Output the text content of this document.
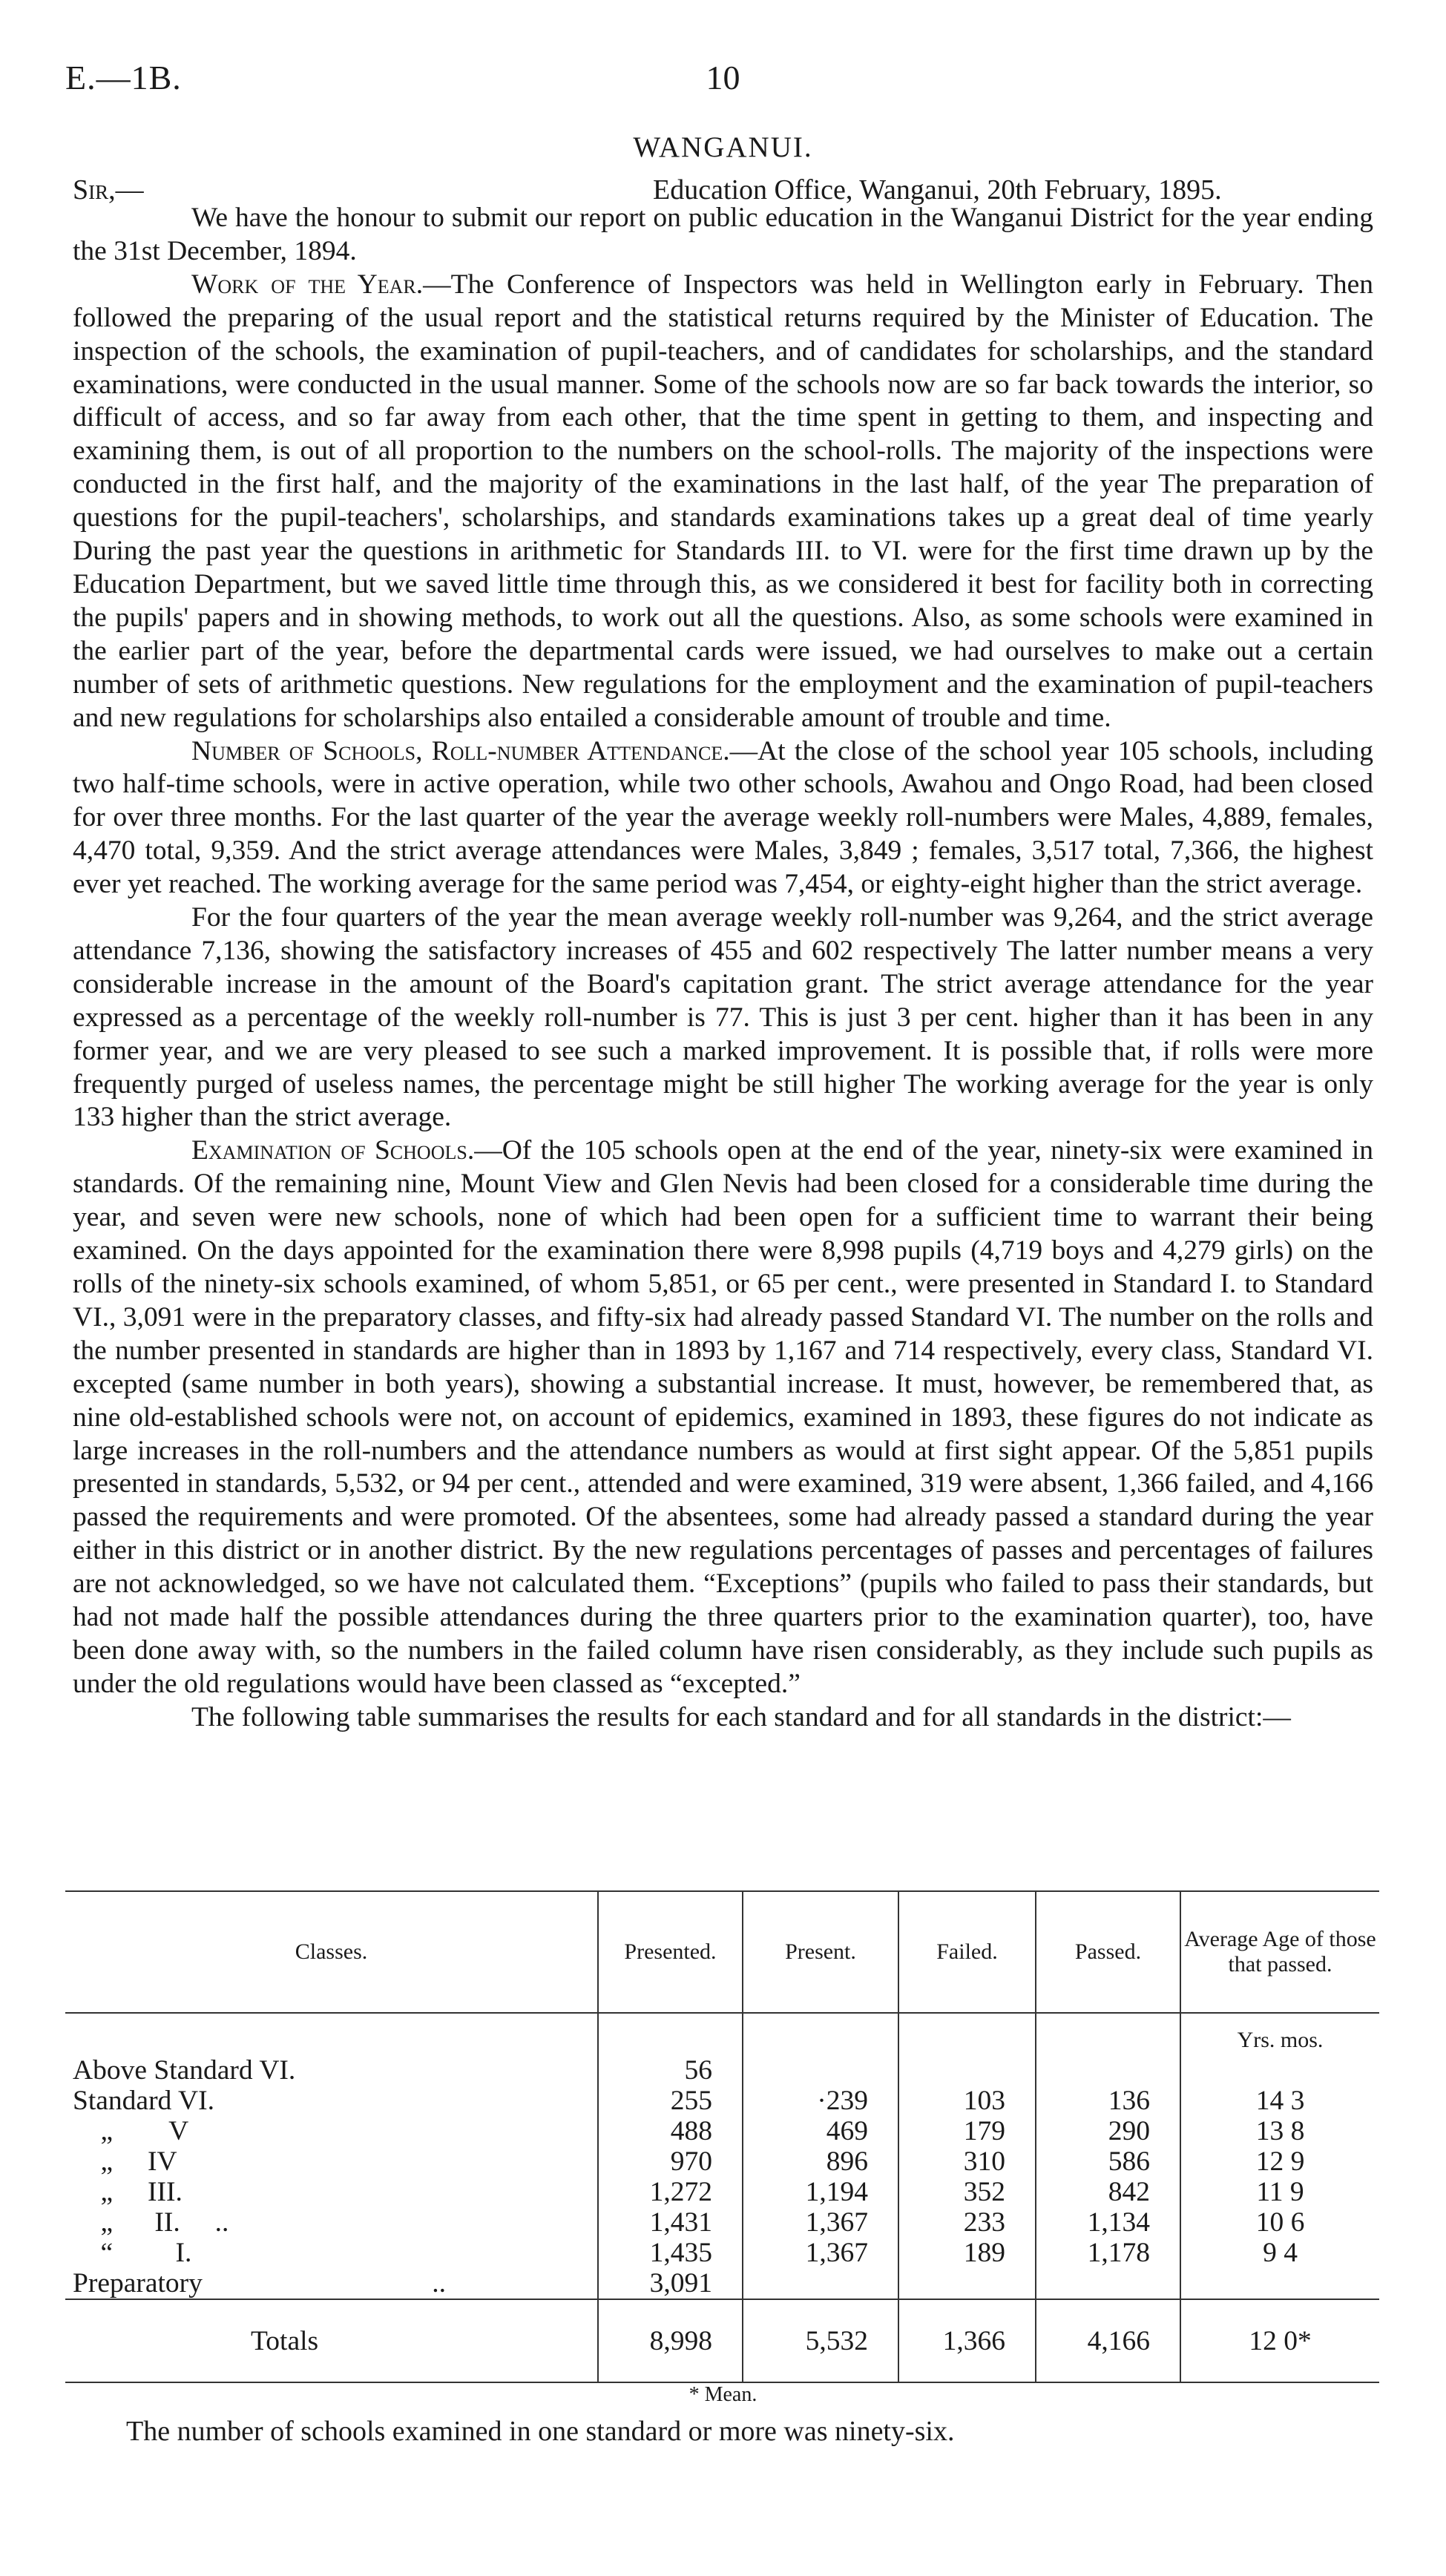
E.—1B.	10
WANGANUI.
Sir,—	Education Office, Wanganui, 20th February, 1895.

We have the honour to submit our report on public education in the Wanganui District for the year ending the 31st December, 1894.

Work of the Year.—The Conference of Inspectors was held in Wellington early in February. Then followed the preparing of the usual report and the statistical returns required by the Minister of Education. The inspection of the schools, the examination of pupil-teachers, and of candidates for scholarships, and the standard examinations, were conducted in the usual manner. Some of the schools now are so far back towards the interior, so difficult of access, and so far away from each other, that the time spent in getting to them, and inspecting and examining them, is out of all proportion to the numbers on the school-rolls. The majority of the inspections were conducted in the first half, and the majority of the examinations in the last half, of the year The preparation of questions for the pupil-teachers', scholarships, and standards examinations takes up a great deal of time yearly During the past year the questions in arithmetic for Standards III. to VI. were for the first time drawn up by the Education Department, but we saved little time through this, as we considered it best for facility both in correcting the pupils' papers and in showing methods, to work out all the questions. Also, as some schools were examined in the earlier part of the year, before the departmental cards were issued, we had ourselves to make out a certain number of sets of arithmetic questions. New regulations for the employment and the examination of pupil-teachers and new regulations for scholarships also entailed a considerable amount of trouble and time.

Number of Schools, Roll-number Attendance.—At the close of the school year 105 schools, including two half-time schools, were in active operation, while two other schools, Awahou and Ongo Road, had been closed for over three months. For the last quarter of the year the average weekly roll-numbers were Males, 4,889, females, 4,470 total, 9,359. And the strict average attendances were Males, 3,849 ; females, 3,517 total, 7,366, the highest ever yet reached. The working average for the same period was 7,454, or eighty-eight higher than the strict average.

For the four quarters of the year the mean average weekly roll-number was 9,264, and the strict average attendance 7,136, showing the satisfactory increases of 455 and 602 respectively The latter number means a very considerable increase in the amount of the Board's capitation grant. The strict average attendance for the year expressed as a percentage of the weekly roll-number is 77. This is just 3 per cent. higher than it has been in any former year, and we are very pleased to see such a marked improvement. It is possible that, if rolls were more frequently purged of useless names, the percentage might be still higher The working average for the year is only 133 higher than the strict average.

Examination of Schools.—Of the 105 schools open at the end of the year, ninety-six were examined in standards. Of the remaining nine, Mount View and Glen Nevis had been closed for a considerable time during the year, and seven were new schools, none of which had been open for a sufficient time to warrant their being examined. On the days appointed for the examination there were 8,998 pupils (4,719 boys and 4,279 girls) on the rolls of the ninety-six schools examined, of whom 5,851, or 65 per cent., were presented in Standard I. to Standard VI., 3,091 were in the preparatory classes, and fifty-six had already passed Standard VI. The number on the rolls and the number presented in standards are higher than in 1893 by 1,167 and 714 respectively, every class, Standard VI. excepted (same number in both years), showing a substantial increase. It must, however, be remembered that, as nine old-established schools were not, on account of epidemics, examined in 1893, these figures do not indicate as large increases in the roll-numbers and the attendance numbers as would at first sight appear. Of the 5,851 pupils presented in standards, 5,532, or 94 per cent., attended and were examined, 319 were absent, 1,366 failed, and 4,166 passed the requirements and were promoted. Of the absentees, some had already passed a standard during the year either in this district or in another district. By the new regulations percentages of passes and percentages of failures are not acknowledged, so we have not calculated them. “Exceptions” (pupils who failed to pass their standards, but had not made half the possible attendances during the three quarters prior to the examination quarter), too, have been done away with, so the numbers in the failed column have risen considerably, as they include such pupils as under the old regulations would have been classed as “excepted.”

The following table summarises the results for each standard and for all standards in the district:—

Classes.	Presented.	Present.	Failed.	Passed.	Average Age of those that passed.
					Yrs. mos.
Above Standard VI.	56				
Standard VI.	255	·239	103	136	14 3
 „  V	488	469	179	290	13 8
 „  IV	970	896	310	586	12 9
 „  III.	1,272	1,194	352	842	11 9
 „  II.  ..	1,431	1,367	233	1,134	10 6
 “   I.	1,435	1,367	189	1,178	9 4
Preparatory         ..	3,091				
Totals	8,998	5,532	1,366	4,166	12 0*
* Mean.
The number of schools examined in one standard or more was ninety-six.
